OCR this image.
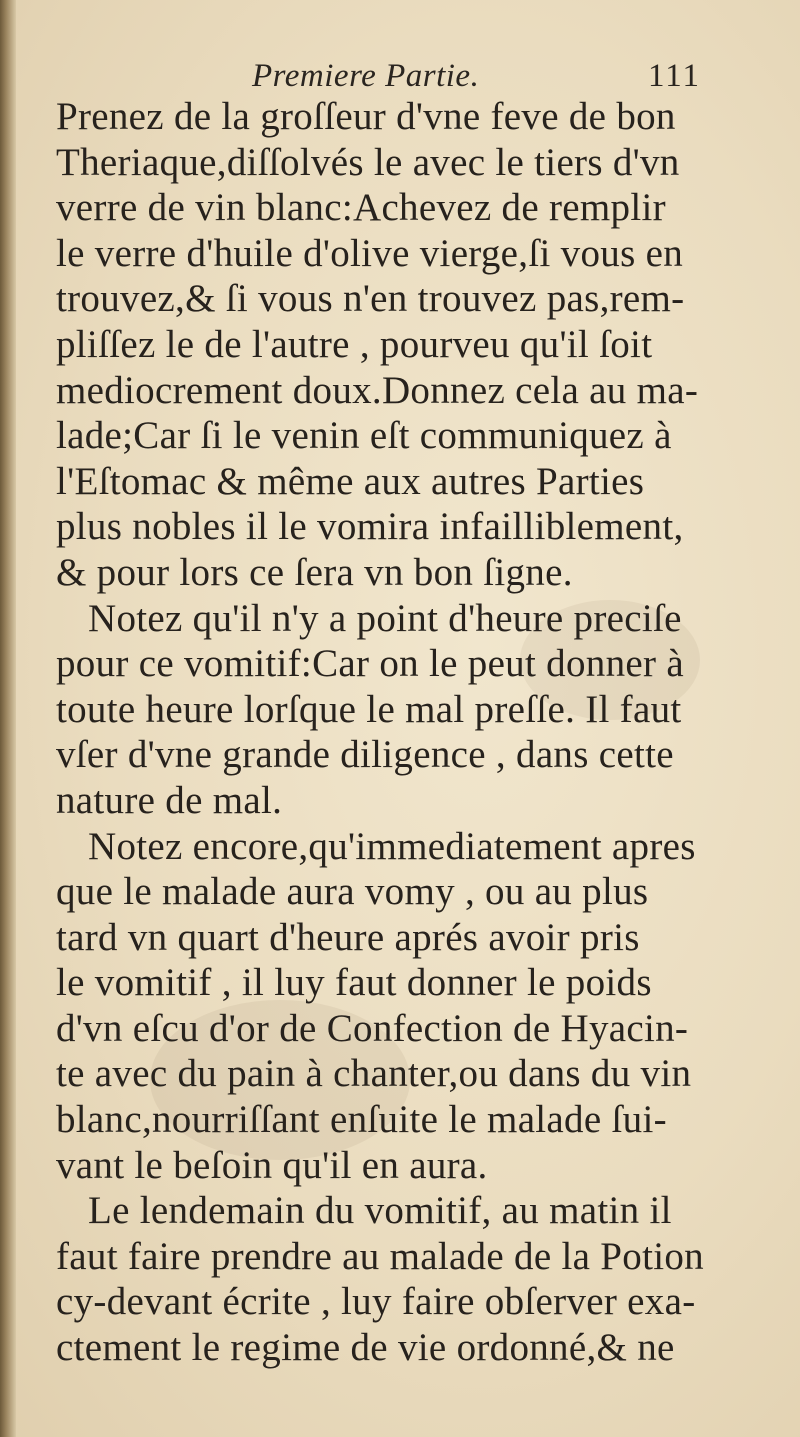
Premiere Partie.	111
Prenez de la groſſeur d'vne feve de bon
Theriaque,diſſolvés le avec le tiers d'vn
verre de vin blanc:Achevez de remplir
le verre d'huile d'olive vierge,ſi vous en
trouvez,& ſi vous n'en trouvez pas,rem-
pliſſez le de l'autre , pourveu qu'il ſoit
mediocrement doux.Donnez cela au ma-
lade;Car ſi le venin eſt communiquez à
l'Eſtomac & même aux autres Parties
plus nobles il le vomira infailliblement,
& pour lors ce ſera vn bon ſigne.
Notez qu'il n'y a point d'heure preciſe
pour ce vomitif:Car on le peut donner à
toute heure lorſque le mal preſſe. Il faut
vſer d'vne grande diligence , dans cette
nature de mal.
Notez encore,qu'immediatement apres
que le malade aura vomy , ou au plus
tard vn quart d'heure aprés avoir pris
le vomitif , il luy faut donner le poids
d'vn eſcu d'or de Confection de Hyacin-
te avec du pain à chanter,ou dans du vin
blanc,nourriſſant enſuite le malade ſui-
vant le beſoin qu'il en aura.
Le lendemain du vomitif, au matin il
faut faire prendre au malade de la Potion
cy-devant écrite , luy faire obſerver exa-
ctement le regime de vie ordonné,& ne
